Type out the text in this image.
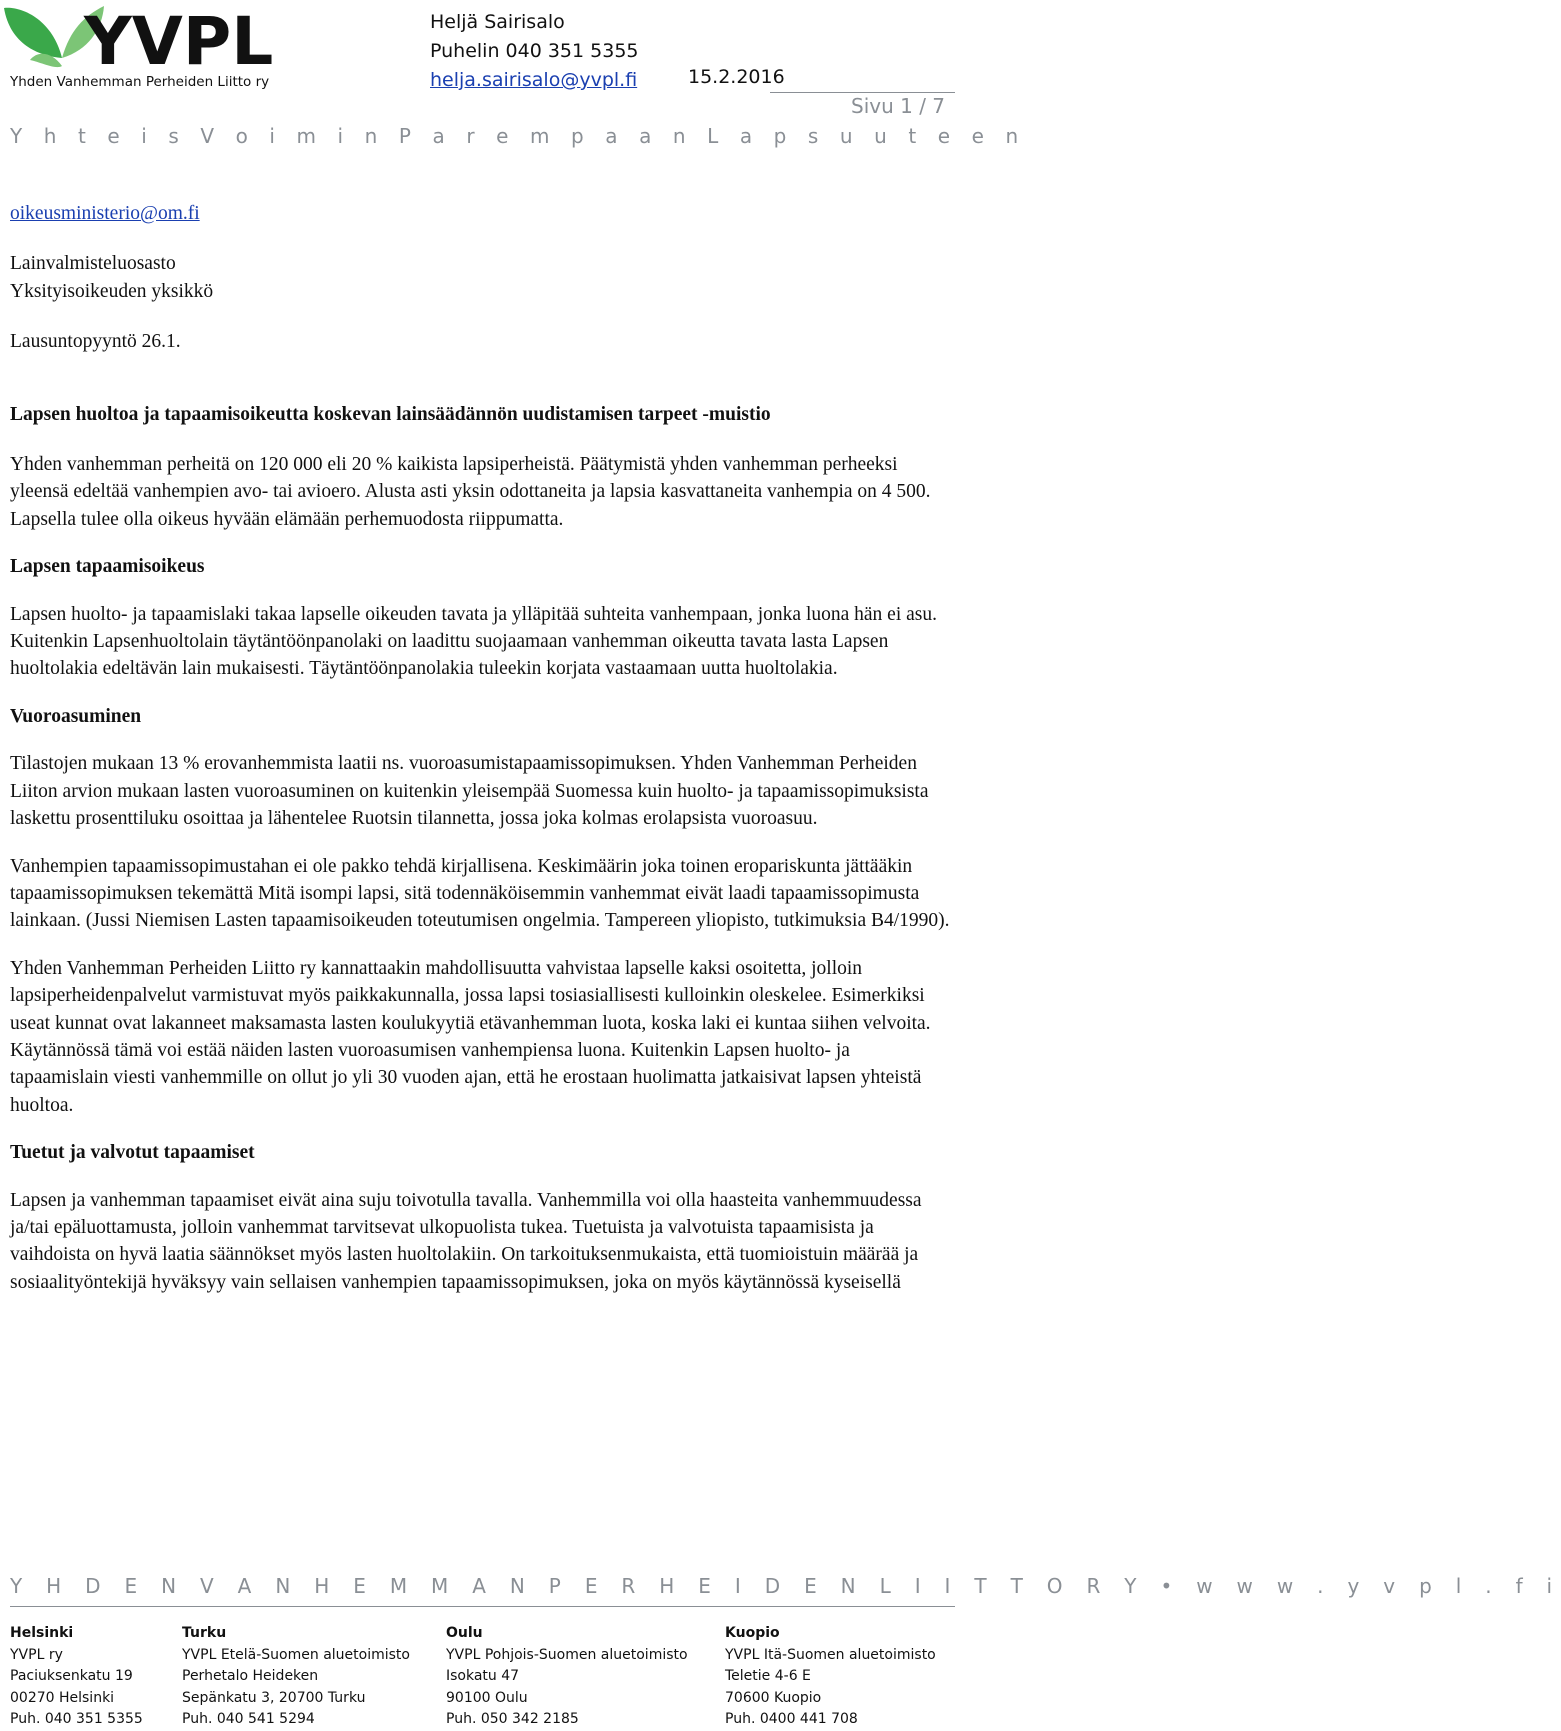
YVPL
Yhden Vanhemman Perheiden Liitto ry
Heljä Sairisalo
Puhelin 040 351 5355
helja.sairisalo@yvpl.fi	15.2.2016
Sivu 1 / 7
Y h t e i s V o i m i n P a r e m p a a n L a p s u u t e e n

oikeusministerio@om.fi

Lainvalmisteluosasto

Yksityisoikeuden yksikkö

Lausuntopyyntö 26.1.

Lapsen huoltoa ja tapaamisoikeutta koskevan lainsäädännön uudistamisen tarpeet -muistio

Yhden vanhemman perheitä on 120 000 eli 20 % kaikista lapsiperheistä. Päätymistä yhden vanhemman perheeksi yleensä edeltää vanhempien avo- tai avioero. Alusta asti yksin odottaneita ja lapsia kasvattaneita vanhempia on 4 500. Lapsella tulee olla oikeus hyvään elämään perhemuodosta riippumatta.

Lapsen tapaamisoikeus

Lapsen huolto- ja tapaamislaki takaa lapselle oikeuden tavata ja ylläpitää suhteita vanhempaan, jonka luona hän ei asu. Kuitenkin Lapsenhuoltolain täytäntöönpanolaki on laadittu suojaamaan vanhemman oikeutta tavata lasta Lapsen huoltolakia edeltävän lain mukaisesti. Täytäntöönpanolakia tuleekin korjata vastaamaan uutta huoltolakia.

Vuoroasuminen

Tilastojen mukaan 13 % erovanhemmista laatii ns. vuoroasumistapaamissopimuksen. Yhden Vanhemman Perheiden Liiton arvion mukaan lasten vuoroasuminen on kuitenkin yleisempää Suomessa kuin huolto- ja tapaamissopimuksista laskettu prosenttiluku osoittaa ja lähentelee Ruotsin tilannetta, jossa joka kolmas erolapsista vuoroasuu.

Vanhempien tapaamissopimustahan ei ole pakko tehdä kirjallisena. Keskimäärin joka toinen eropariskunta jättääkin tapaamissopimuksen tekemättä Mitä isompi lapsi, sitä todennäköisemmin vanhemmat eivät laadi tapaamissopimusta lainkaan. (Jussi Niemisen Lasten tapaamisoikeuden toteutumisen ongelmia. Tampereen yliopisto, tutkimuksia B4/1990).

Yhden Vanhemman Perheiden Liitto ry kannattaakin mahdollisuutta vahvistaa lapselle kaksi osoitetta, jolloin lapsiperheidenpalvelut varmistuvat myös paikkakunnalla, jossa lapsi tosiasiallisesti kulloinkin oleskelee. Esimerkiksi useat kunnat ovat lakanneet maksamasta lasten koulukyytiä etävanhemman luota, koska laki ei kuntaa siihen velvoita. Käytännössä tämä voi estää näiden lasten vuoroasumisen vanhempiensa luona. Kuitenkin Lapsen huolto- ja tapaamislain viesti vanhemmille on ollut jo yli 30 vuoden ajan, että he erostaan huolimatta jatkaisivat lapsen yhteistä huoltoa.

Tuetut ja valvotut tapaamiset

Lapsen ja vanhemman tapaamiset eivät aina suju toivotulla tavalla. Vanhemmilla voi olla haasteita vanhemmuudessa ja/tai epäluottamusta, jolloin vanhemmat tarvitsevat ulkopuolista tukea. Tuetuista ja valvotuista tapaamisista ja vaihdoista on hyvä laatia säännökset myös lasten huoltolakiin. On tarkoituksenmukaista, että tuomioistuin määrää ja sosiaalityöntekijä hyväksyy vain sellaisen vanhempien tapaamissopimuksen, joka on myös käytännössä kyseisellä

Y H D E N V A N H E M M A N P E R H E I D E N L I I T T O R Y • w w w . y v p l . f i
Helsinki
YVPL ry
Paciuksenkatu 19
00270 Helsinki
Puh. 040 351 5355
Turku
YVPL Etelä-Suomen aluetoimisto
Perhetalo Heideken
Sepänkatu 3, 20700 Turku
Puh. 040 541 5294
Oulu
YVPL Pohjois-Suomen aluetoimisto
Isokatu 47
90100 Oulu
Puh. 050 342 2185
Kuopio
YVPL Itä-Suomen aluetoimisto
Teletie 4-6 E
70600 Kuopio
Puh. 0400 441 708
